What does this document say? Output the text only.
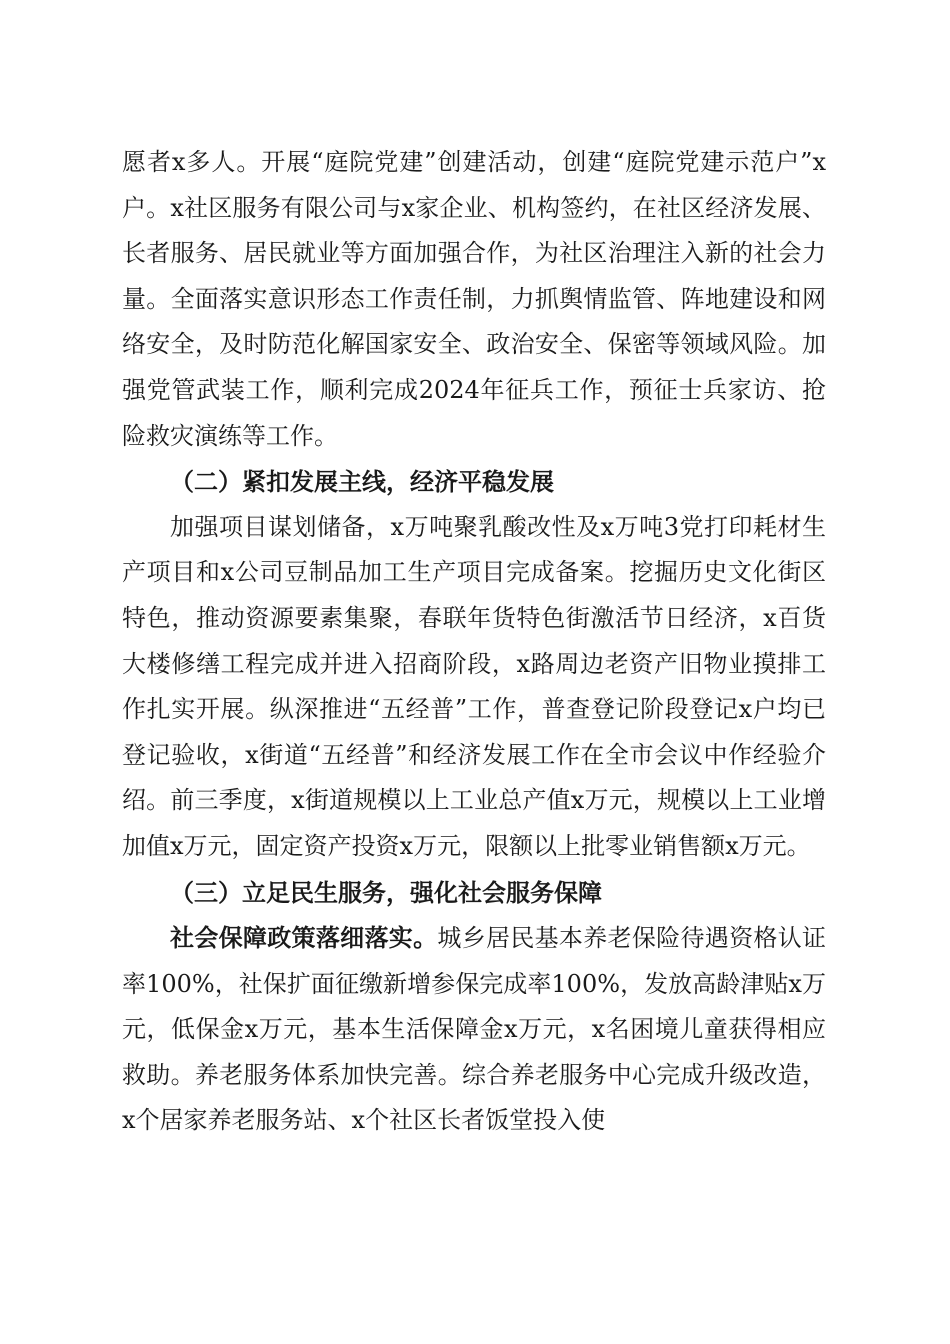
愿者x多人。开展“庭院党建”创建活动，创建“庭院党建示范户”x户。x社区服务有限公司与x家企业、机构签约，在社区经济发展、长者服务、居民就业等方面加强合作，为社区治理注入新的社会力量。全面落实意识形态工作责任制，力抓舆情监管、阵地建设和网络安全，及时防范化解国家安全、政治安全、保密等领域风险。加强党管武装工作，顺利完成2024年征兵工作，预征士兵家访、抢险救灾演练等工作。

（二）紧扣发展主线，经济平稳发展

加强项目谋划储备，x万吨聚乳酸改性及x万吨3党打印耗材生产项目和x公司豆制品加工生产项目完成备案。挖掘历史文化街区特色，推动资源要素集聚，春联年货特色街激活节日经济，x百货大楼修缮工程完成并进入招商阶段，x路周边老资产旧物业摸排工作扎实开展。纵深推进“五经普”工作，普查登记阶段登记x户均已登记验收，x街道“五经普”和经济发展工作在全市会议中作经验介绍。前三季度，x街道规模以上工业总产值x万元，规模以上工业增加值x万元，固定资产投资x万元，限额以上批零业销售额x万元。

（三）立足民生服务，强化社会服务保障

社会保障政策落细落实。城乡居民基本养老保险待遇资格认证率100%，社保扩面征缴新增参保完成率100%，发放高龄津贴x万元，低保金x万元，基本生活保障金x万元，x名困境儿童获得相应救助。养老服务体系加快完善。综合养老服务中心完成升级改造，x个居家养老服务站、x个社区长者饭堂投入使
